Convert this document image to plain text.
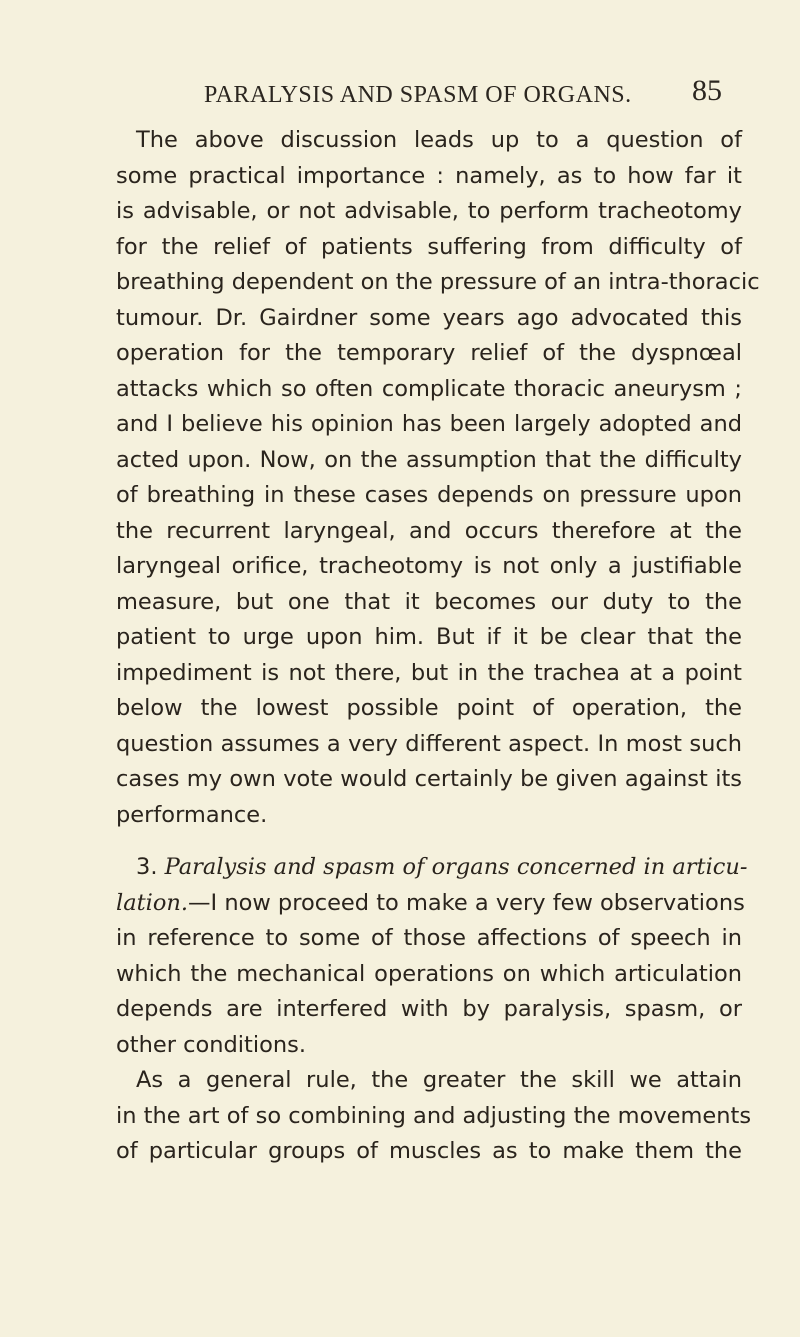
PARALYSIS AND SPASM OF ORGANS. 85
The above discussion leads up to a question of
some practical importance : namely, as to how far it
is advisable, or not advisable, to perform tracheotomy
for the relief of patients suffering from difficulty of
breathing dependent on the pressure of an intra-thoracic
tumour. Dr. Gairdner some years ago advocated this
operation for the temporary relief of the dyspnœal
attacks which so often complicate thoracic aneurysm ;
and I believe his opinion has been largely adopted and
acted upon. Now, on the assumption that the difficulty
of breathing in these cases depends on pressure upon
the recurrent laryngeal, and occurs therefore at the
laryngeal orifice, tracheotomy is not only a justifiable
measure, but one that it becomes our duty to the
patient to urge upon him. But if it be clear that the
impediment is not there, but in the trachea at a point
below the lowest possible point of operation, the
question assumes a very different aspect. In most such
cases my own vote would certainly be given against its
performance.
3. Paralysis and spasm of organs concerned in articu-
lation.—I now proceed to make a very few observations
in reference to some of those affections of speech in
which the mechanical operations on which articulation
depends are interfered with by paralysis, spasm, or
other conditions.
As a general rule, the greater the skill we attain
in the art of so combining and adjusting the movements
of particular groups of muscles as to make them the
